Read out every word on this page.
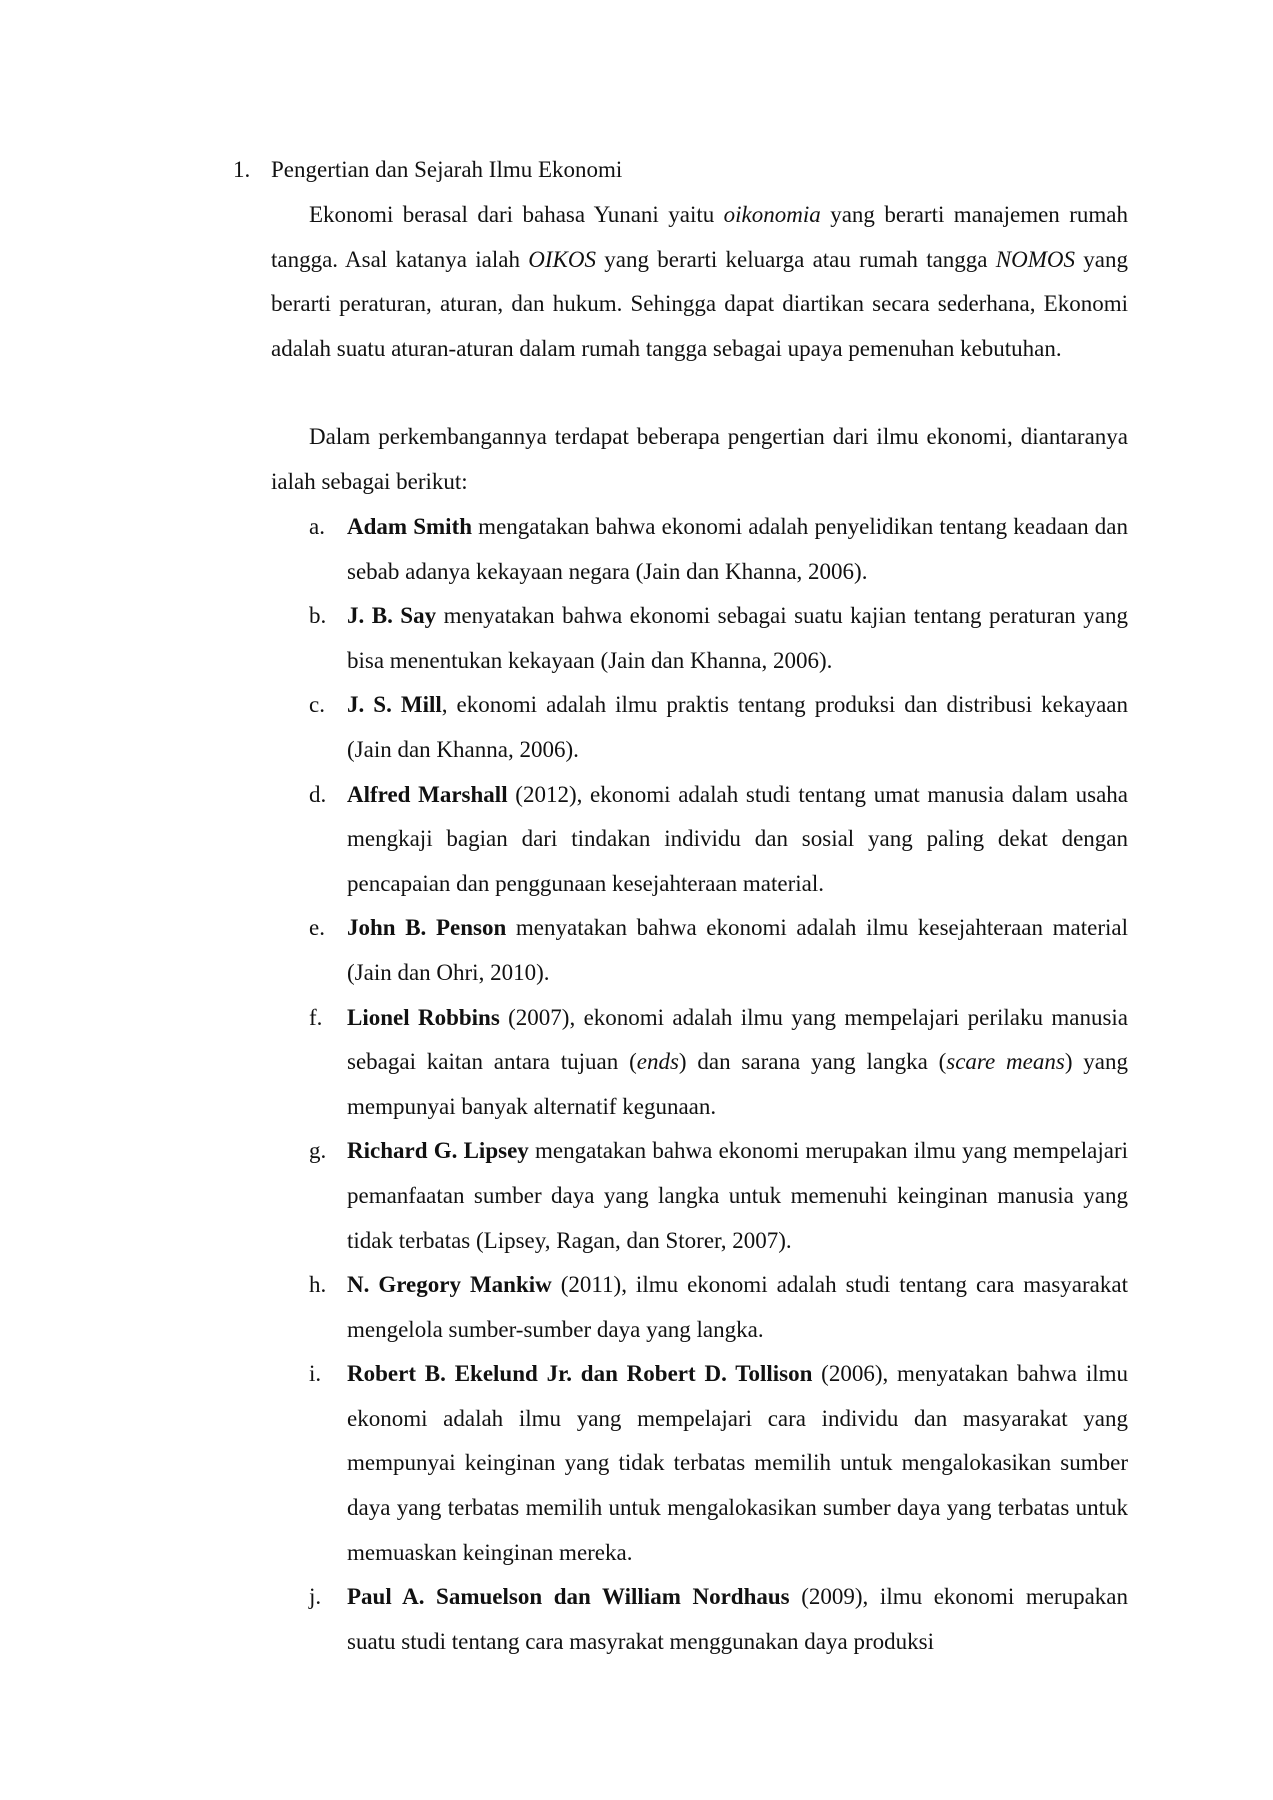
1. Pengertian dan Sejarah Ilmu Ekonomi

Ekonomi berasal dari bahasa Yunani yaitu oikonomia yang berarti manajemen rumah tangga. Asal katanya ialah OIKOS yang berarti keluarga atau rumah tangga NOMOS yang berarti peraturan, aturan, dan hukum. Sehingga dapat diartikan secara sederhana, Ekonomi adalah suatu aturan-aturan dalam rumah tangga sebagai upaya pemenuhan kebutuhan.

Dalam perkembangannya terdapat beberapa pengertian dari ilmu ekonomi, diantaranya ialah sebagai berikut:

a. Adam Smith mengatakan bahwa ekonomi adalah penyelidikan tentang keadaan dan sebab adanya kekayaan negara (Jain dan Khanna, 2006).
b. J. B. Say menyatakan bahwa ekonomi sebagai suatu kajian tentang peraturan yang bisa menentukan kekayaan (Jain dan Khanna, 2006).
c. J. S. Mill, ekonomi adalah ilmu praktis tentang produksi dan distribusi kekayaan (Jain dan Khanna, 2006).
d. Alfred Marshall (2012), ekonomi adalah studi tentang umat manusia dalam usaha mengkaji bagian dari tindakan individu dan sosial yang paling dekat dengan pencapaian dan penggunaan kesejahteraan material.
e. John B. Penson menyatakan bahwa ekonomi adalah ilmu kesejahteraan material (Jain dan Ohri, 2010).
f. Lionel Robbins (2007), ekonomi adalah ilmu yang mempelajari perilaku manusia sebagai kaitan antara tujuan (ends) dan sarana yang langka (scare means) yang mempunyai banyak alternatif kegunaan.
g. Richard G. Lipsey mengatakan bahwa ekonomi merupakan ilmu yang mempelajari pemanfaatan sumber daya yang langka untuk memenuhi keinginan manusia yang tidak terbatas (Lipsey, Ragan, dan Storer, 2007).
h. N. Gregory Mankiw (2011), ilmu ekonomi adalah studi tentang cara masyarakat mengelola sumber-sumber daya yang langka.
i. Robert B. Ekelund Jr. dan Robert D. Tollison (2006), menyatakan bahwa ilmu ekonomi adalah ilmu yang mempelajari cara individu dan masyarakat yang mempunyai keinginan yang tidak terbatas memilih untuk mengalokasikan sumber daya yang terbatas memilih untuk mengalokasikan sumber daya yang terbatas untuk memuaskan keinginan mereka.
j. Paul A. Samuelson dan William Nordhaus (2009), ilmu ekonomi merupakan suatu studi tentang cara masyrakat menggunakan daya produksi
